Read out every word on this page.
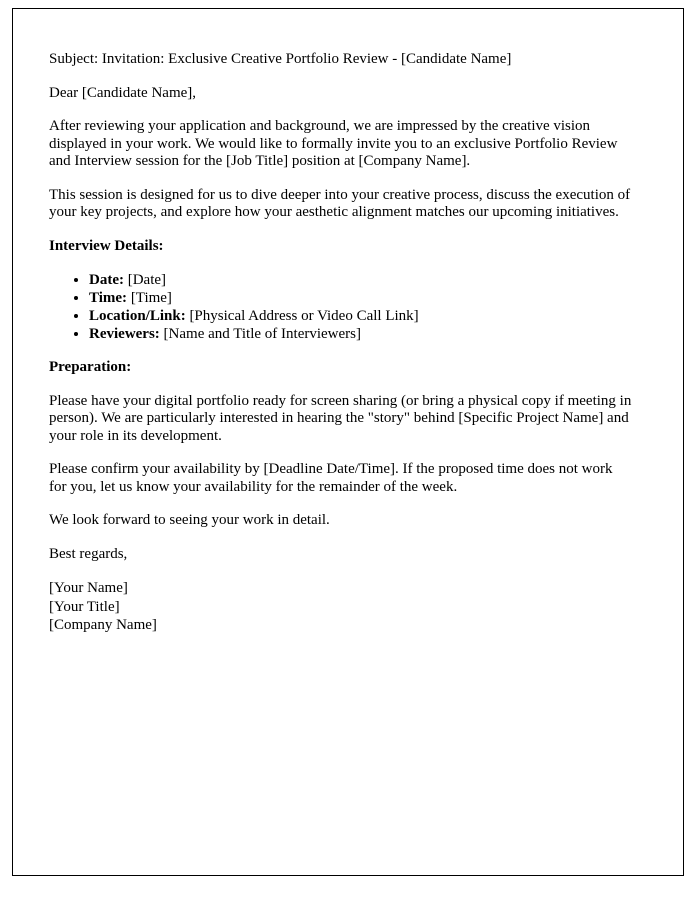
Subject: Invitation: Exclusive Creative Portfolio Review - [Candidate Name]

Dear [Candidate Name],

After reviewing your application and background, we are impressed by the creative vision displayed in your work. We would like to formally invite you to an exclusive Portfolio Review and Interview session for the [Job Title] position at [Company Name].

This session is designed for us to dive deeper into your creative process, discuss the execution of your key projects, and explore how your aesthetic alignment matches our upcoming initiatives.

Interview Details:

• Date: [Date]
• Time: [Time]
• Location/Link: [Physical Address or Video Call Link]
• Reviewers: [Name and Title of Interviewers]

Preparation:

Please have your digital portfolio ready for screen sharing (or bring a physical copy if meeting in person). We are particularly interested in hearing the "story" behind [Specific Project Name] and your role in its development.

Please confirm your availability by [Deadline Date/Time]. If the proposed time does not work for you, let us know your availability for the remainder of the week.

We look forward to seeing your work in detail.

Best regards,

[Your Name]
[Your Title]
[Company Name]
